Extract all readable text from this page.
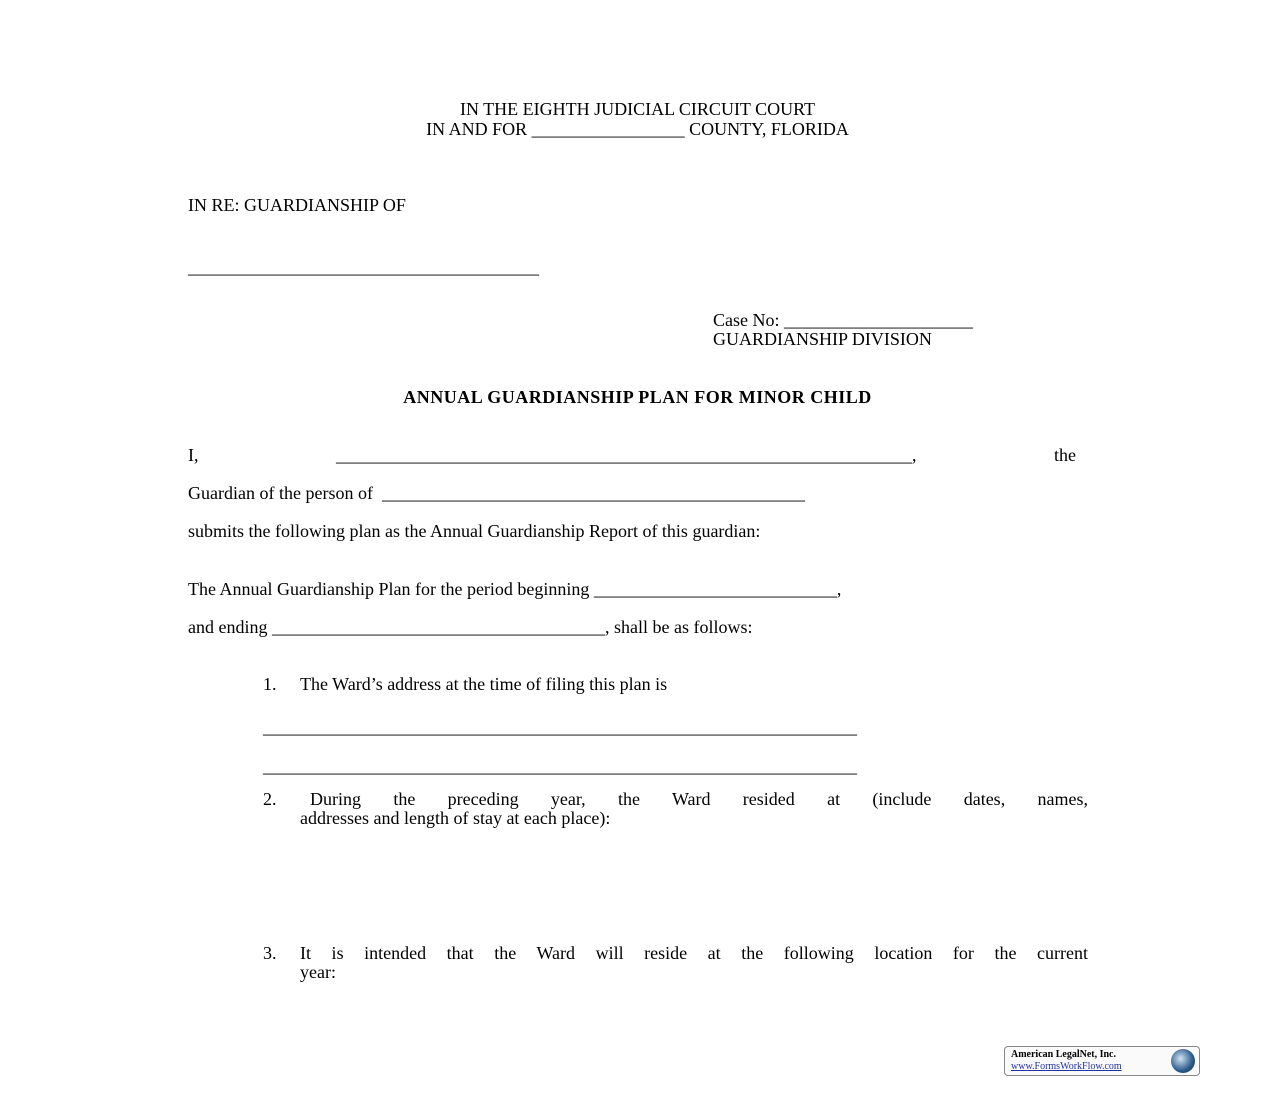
IN THE EIGHTH JUDICIAL CIRCUIT COURT
IN AND FOR _________________ COUNTY, FLORIDA
IN RE: GUARDIANSHIP OF
_______________________________________
Case No: _____________________
GUARDIANSHIP DIVISION
ANNUAL GUARDIANSHIP PLAN FOR MINOR CHILD
I, ________________________________________________________________, the
Guardian of the person of  _______________________________________________
submits the following plan as the Annual Guardianship Report of this guardian:
The Annual Guardianship Plan for the period beginning ___________________________,
and ending _____________________________________, shall be as follows:
1. The Ward’s address at the time of filing this plan is
__________________________________________________________________
__________________________________________________________________
2. During the preceding year, the Ward resided at (include dates, names,
addresses and length of stay at each place):
3. It is intended that the Ward will reside at the following location for the current
year:
American LegalNet, Inc.
www.FormsWorkFlow.com
